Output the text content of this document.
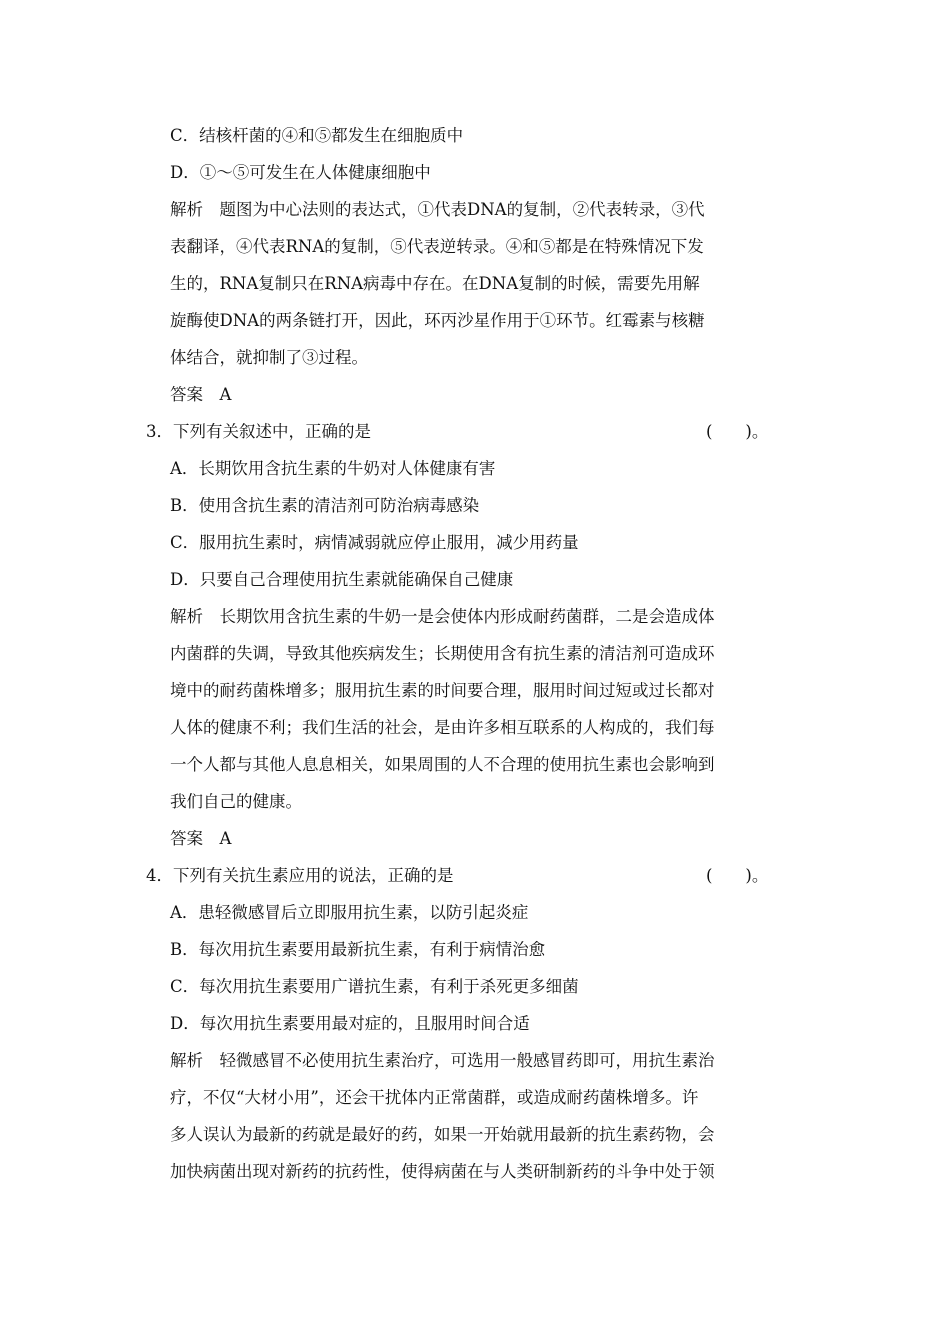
C．结核杆菌的④和⑤都发生在细胞质中
D．①～⑤可发生在人体健康细胞中
解析　题图为中心法则的表达式，①代表DNA的复制，②代表转录，③代
表翻译，④代表RNA的复制，⑤代表逆转录。④和⑤都是在特殊情况下发
生的，RNA复制只在RNA病毒中存在。在DNA复制的时候，需要先用解
旋酶使DNA的两条链打开，因此，环丙沙星作用于①环节。红霉素与核糖
体结合，就抑制了③过程。
答案　A
3．下列有关叙述中，正确的是	(　　)。
A．长期饮用含抗生素的牛奶对人体健康有害
B．使用含抗生素的清洁剂可防治病毒感染
C．服用抗生素时，病情减弱就应停止服用，减少用药量
D．只要自己合理使用抗生素就能确保自己健康
解析　长期饮用含抗生素的牛奶一是会使体内形成耐药菌群，二是会造成体
内菌群的失调，导致其他疾病发生；长期使用含有抗生素的清洁剂可造成环
境中的耐药菌株增多；服用抗生素的时间要合理，服用时间过短或过长都对
人体的健康不利；我们生活的社会，是由许多相互联系的人构成的，我们每
一个人都与其他人息息相关，如果周围的人不合理的使用抗生素也会影响到
我们自己的健康。
答案　A
4．下列有关抗生素应用的说法，正确的是	(　　)。
A．患轻微感冒后立即服用抗生素，以防引起炎症
B．每次用抗生素要用最新抗生素，有利于病情治愈
C．每次用抗生素要用广谱抗生素，有利于杀死更多细菌
D．每次用抗生素要用最对症的，且服用时间合适
解析　轻微感冒不必使用抗生素治疗，可选用一般感冒药即可，用抗生素治
疗，不仅“大材小用”，还会干扰体内正常菌群，或造成耐药菌株增多。许
多人误认为最新的药就是最好的药，如果一开始就用最新的抗生素药物，会
加快病菌出现对新药的抗药性，使得病菌在与人类研制新药的斗争中处于领
